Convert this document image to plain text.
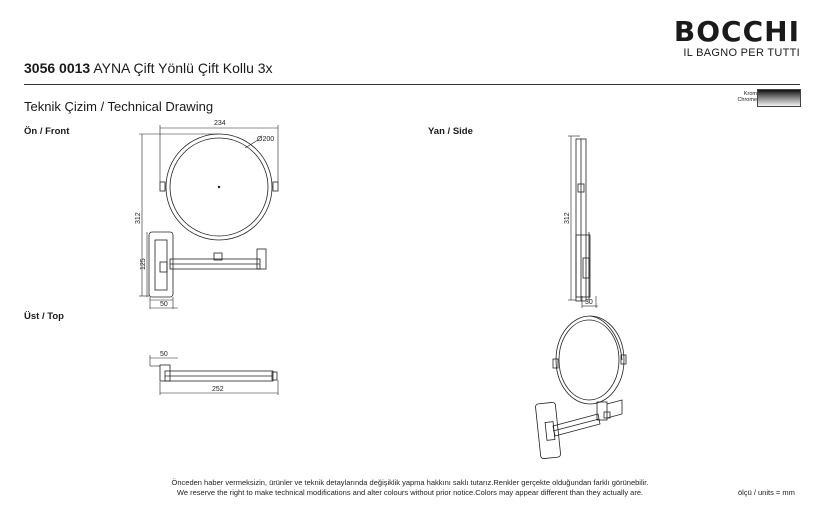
BOCCHI
IL BAGNO PER TUTTI
3056 0013 AYNA Çift Yönlü Çift Kollu 3x
Teknik Çizim / Technical Drawing
Krom
Chrome
Ön / Front	Yan / Side
Üst / Top
234
Ø200
312
125
50
312
30
50
252
Önceden haber vermeksizin, ürünler ve teknik detaylarında değişiklik yapma hakkını saklı tutarız.Renkler gerçekte olduğundan farklı görünebilir.
We reserve the right to make technical modifications and alter colours without prior notice.Colors may appear different than they actually are.	ölçü / units = mm
